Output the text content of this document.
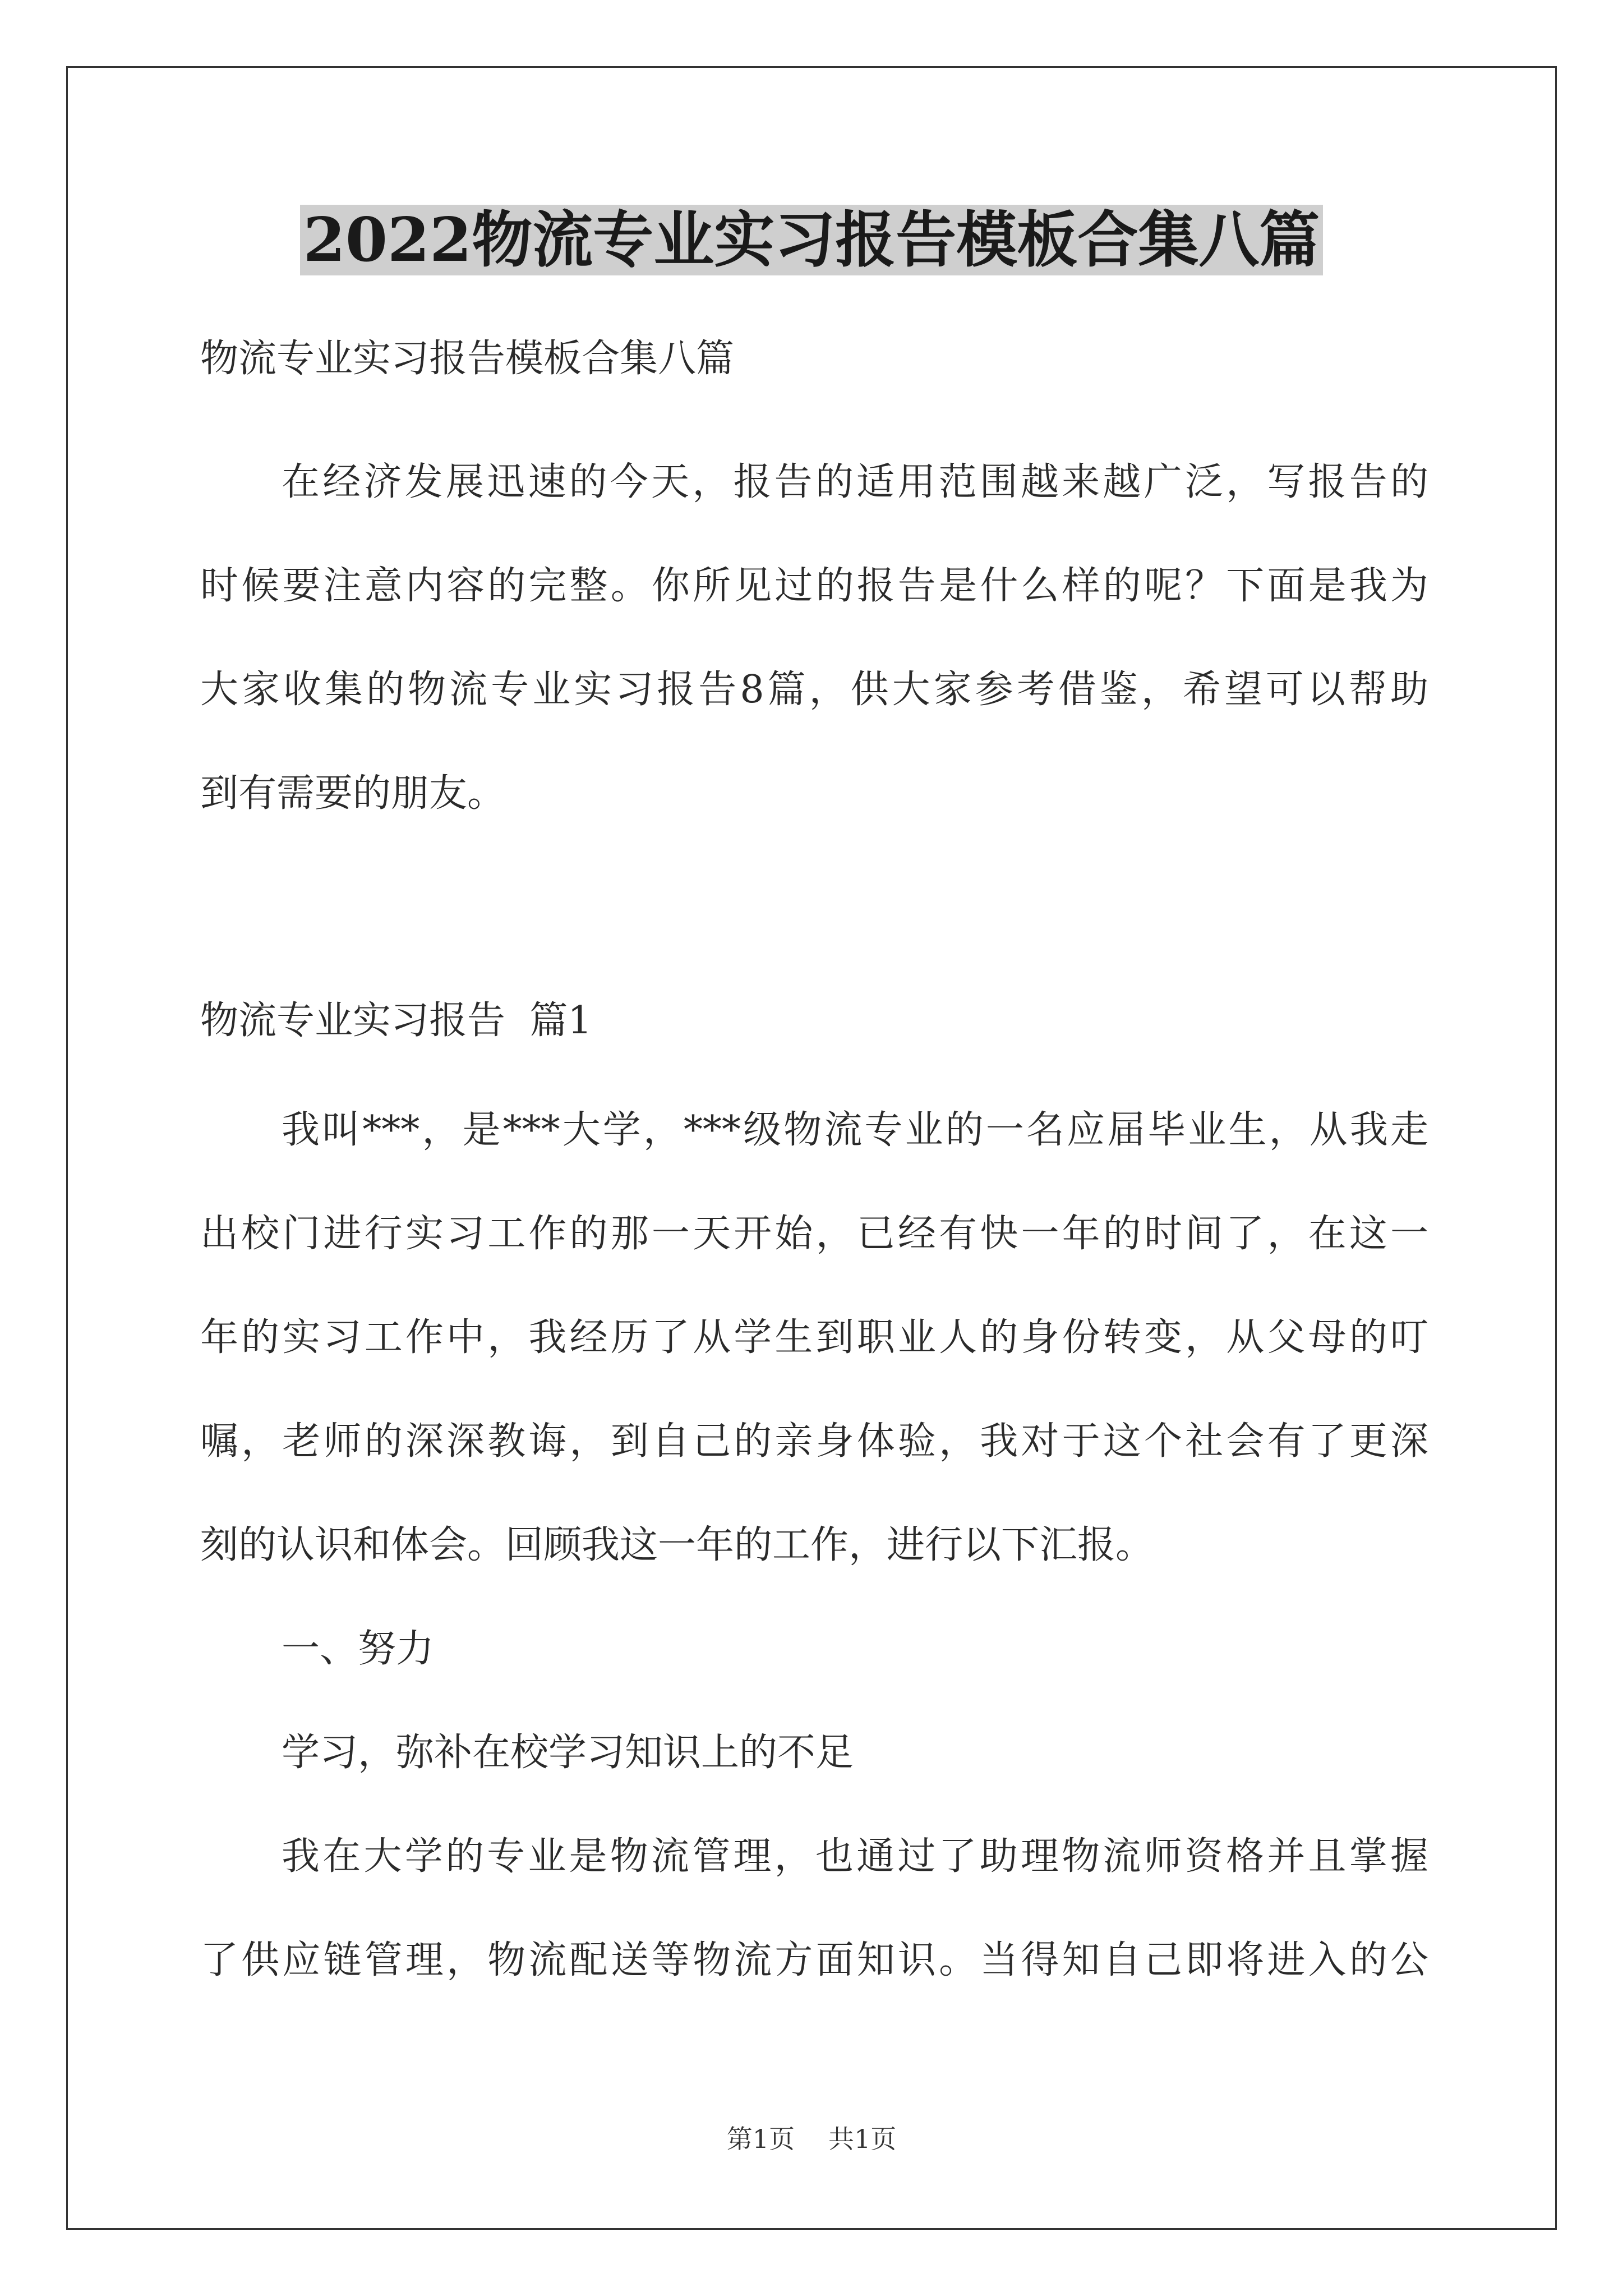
2022物流专业实习报告模板合集八篇
物流专业实习报告模板合集八篇
在经济发展迅速的今天，报告的适用范围越来越广泛，写报告的
时候要注意内容的完整。你所见过的报告是什么样的呢？下面是我为
大家收集的物流专业实习报告8篇，供大家参考借鉴，希望可以帮助
到有需要的朋友。
物流专业实习报告  篇1
我叫***，是***大学，***级物流专业的一名应届毕业生，从我走
出校门进行实习工作的那一天开始，已经有快一年的时间了，在这一
年的实习工作中，我经历了从学生到职业人的身份转变，从父母的叮
嘱，老师的深深教诲，到自己的亲身体验，我对于这个社会有了更深
刻的认识和体会。回顾我这一年的工作，进行以下汇报。
一、努力
学习，弥补在校学习知识上的不足
我在大学的专业是物流管理，也通过了助理物流师资格并且掌握
了供应链管理，物流配送等物流方面知识。当得知自己即将进入的公
第1页 共1页
